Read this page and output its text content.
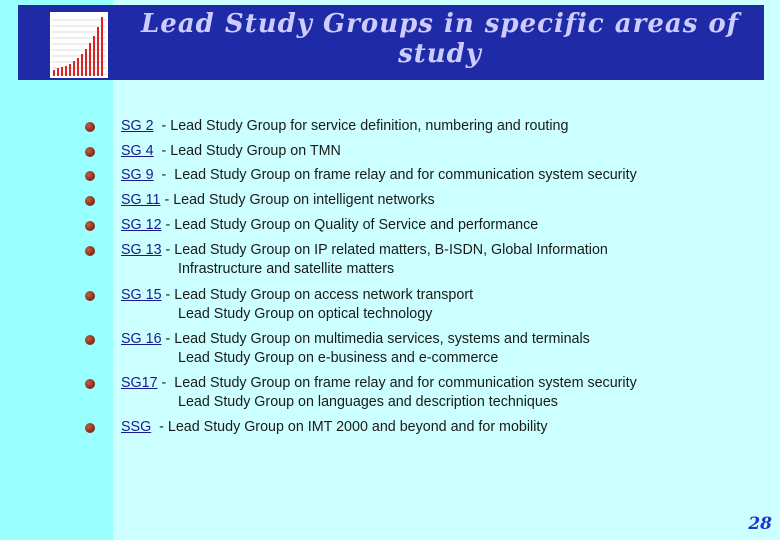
Lead Study Groups in specific areas of
study
SG 2  - Lead Study Group for service definition, numbering and routing
SG 4  - Lead Study Group on TMN
SG 9  -  Lead Study Group on frame relay and for communication system security
SG 11 - Lead Study Group on intelligent networks
SG 12 - Lead Study Group on Quality of Service and performance
SG 13 - Lead Study Group on IP related matters, B-ISDN, Global Information
Infrastructure and satellite matters
SG 15 - Lead Study Group on access network transport
Lead Study Group on optical technology
SG 16 - Lead Study Group on multimedia services, systems and terminals
Lead Study Group on e-business and e-commerce
SG17 -  Lead Study Group on frame relay and for communication system security
Lead Study Group on languages and description techniques
SSG  - Lead Study Group on IMT 2000 and beyond and for mobility
28
